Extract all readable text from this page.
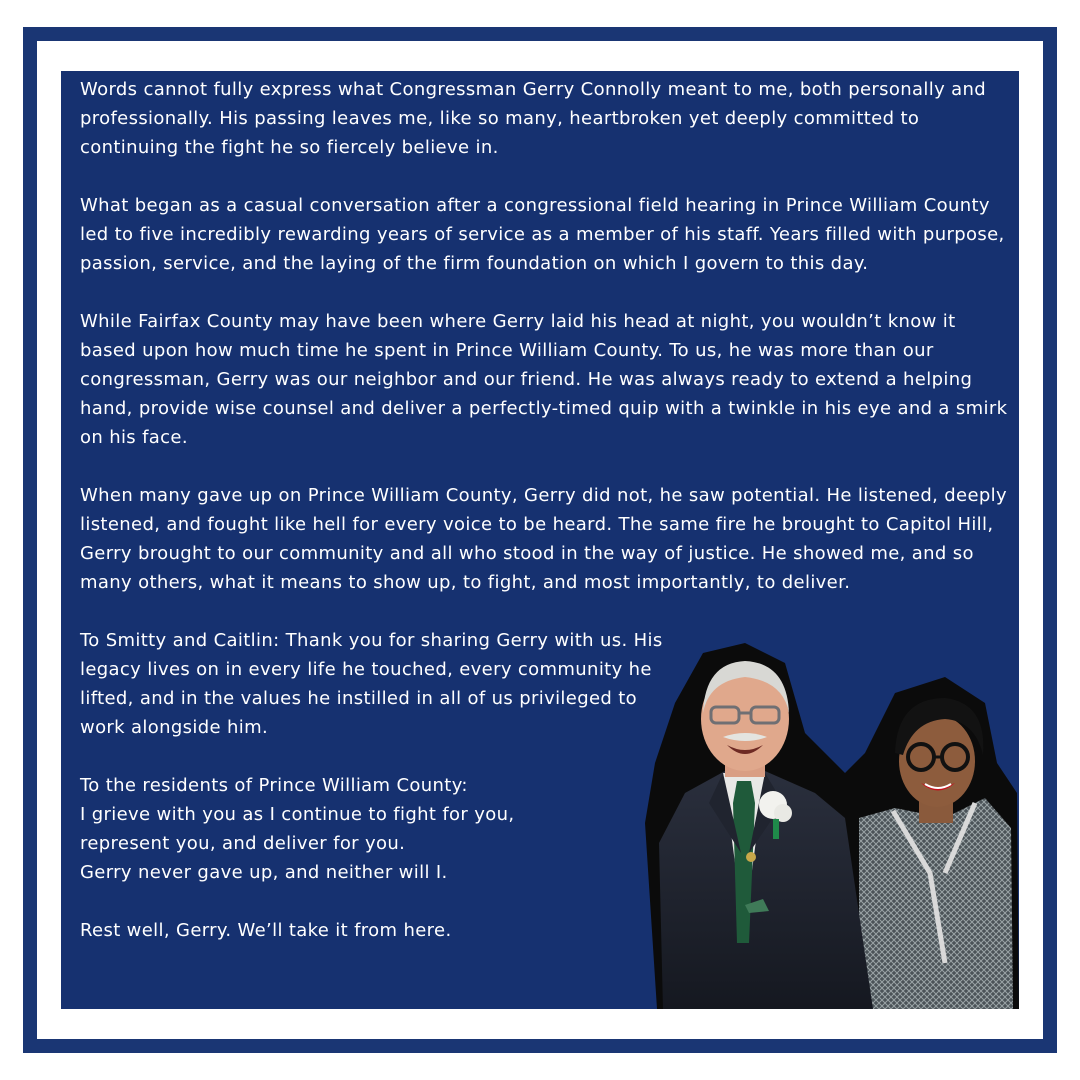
Words cannot fully express what Congressman Gerry Connolly meant to me, both personally and professionally. His passing leaves me, like so many, heartbroken yet deeply committed to continuing the fight he so fiercely believe in.

What began as a casual conversation after a congressional field hearing in Prince William County led to five incredibly rewarding years of service as a member of his staff. Years filled with purpose, passion, service, and the laying of the firm foundation on which I govern to this day.

While Fairfax County may have been where Gerry laid his head at night, you wouldn’t know it based upon how much time he spent in Prince William County. To us, he was more than our congressman, Gerry was our neighbor and our friend. He was always ready to extend a helping hand, provide wise counsel and deliver a perfectly-timed quip with a twinkle in his eye and a smirk on his face.

When many gave up on Prince William County, Gerry did not, he saw potential. He listened, deeply listened, and fought like hell for every voice to be heard. The same fire he brought to Capitol Hill, Gerry brought to our community and all who stood in the way of justice. He showed me, and so many others, what it means to show up, to fight, and most importantly, to deliver.

To Smitty and Caitlin: Thank you for sharing Gerry with us. His legacy lives on in every life he touched, every community he lifted, and in the values he instilled in all of us privileged to work alongside him.

To the residents of Prince William County:
I grieve with you as I continue to fight for you,
represent you, and deliver for you.
Gerry never gave up, and neither will I.

Rest well, Gerry. We’ll take it from here.
